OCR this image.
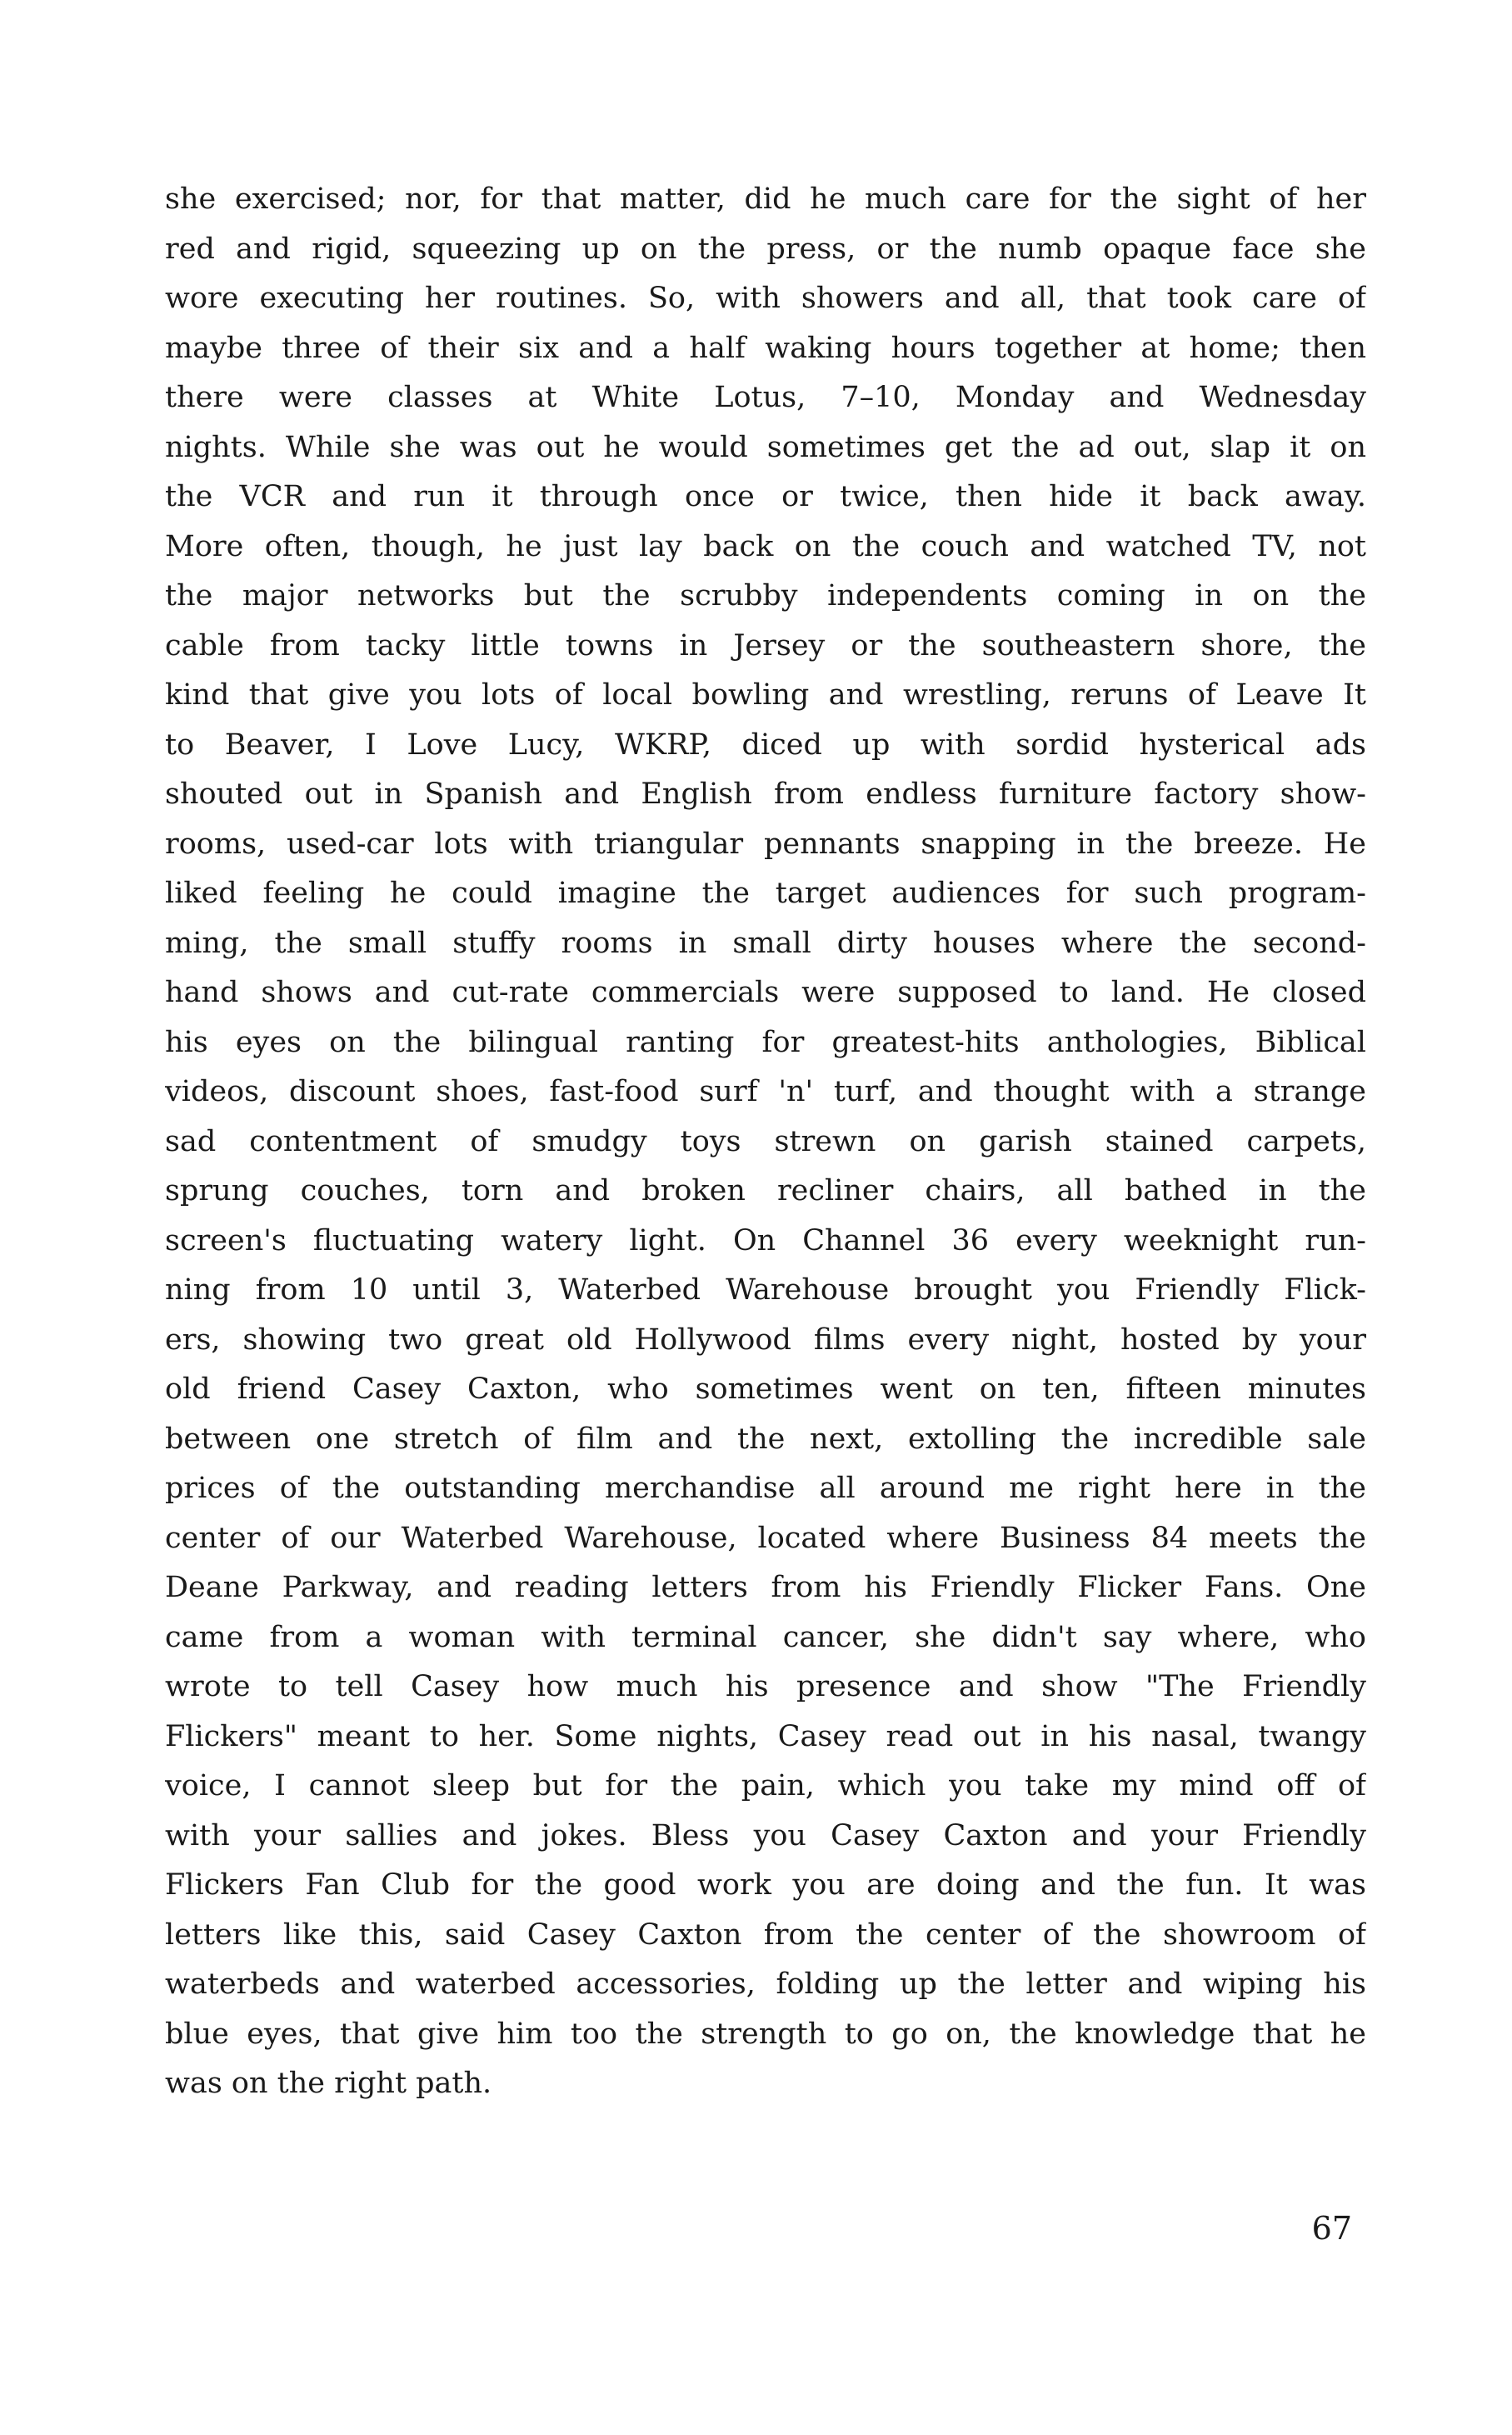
she exercised; nor, for that matter, did he much care for the sight of her
red and rigid, squeezing up on the press, or the numb opaque face she
wore executing her routines. So, with showers and all, that took care of
maybe three of their six and a half waking hours together at home; then
there were classes at White Lotus, 7–10, Monday and Wednesday
nights. While she was out he would sometimes get the ad out, slap it on
the VCR and run it through once or twice, then hide it back away.
More often, though, he just lay back on the couch and watched TV, not
the major networks but the scrubby independents coming in on the
cable from tacky little towns in Jersey or the southeastern shore, the
kind that give you lots of local bowling and wrestling, reruns of Leave It
to Beaver, I Love Lucy, WKRP, diced up with sordid hysterical ads
shouted out in Spanish and English from endless furniture factory show-
rooms, used-car lots with triangular pennants snapping in the breeze. He
liked feeling he could imagine the target audiences for such program-
ming, the small stuffy rooms in small dirty houses where the second-
hand shows and cut-rate commercials were supposed to land. He closed
his eyes on the bilingual ranting for greatest-hits anthologies, Biblical
videos, discount shoes, fast-food surf 'n' turf, and thought with a strange
sad contentment of smudgy toys strewn on garish stained carpets,
sprung couches, torn and broken recliner chairs, all bathed in the
screen's fluctuating watery light. On Channel 36 every weeknight run-
ning from 10 until 3, Waterbed Warehouse brought you Friendly Flick-
ers, showing two great old Hollywood films every night, hosted by your
old friend Casey Caxton, who sometimes went on ten, fifteen minutes
between one stretch of film and the next, extolling the incredible sale
prices of the outstanding merchandise all around me right here in the
center of our Waterbed Warehouse, located where Business 84 meets the
Deane Parkway, and reading letters from his Friendly Flicker Fans. One
came from a woman with terminal cancer, she didn't say where, who
wrote to tell Casey how much his presence and show "The Friendly
Flickers" meant to her. Some nights, Casey read out in his nasal, twangy
voice, I cannot sleep but for the pain, which you take my mind off of
with your sallies and jokes. Bless you Casey Caxton and your Friendly
Flickers Fan Club for the good work you are doing and the fun. It was
letters like this, said Casey Caxton from the center of the showroom of
waterbeds and waterbed accessories, folding up the letter and wiping his
blue eyes, that give him too the strength to go on, the knowledge that he
was on the right path.
67
